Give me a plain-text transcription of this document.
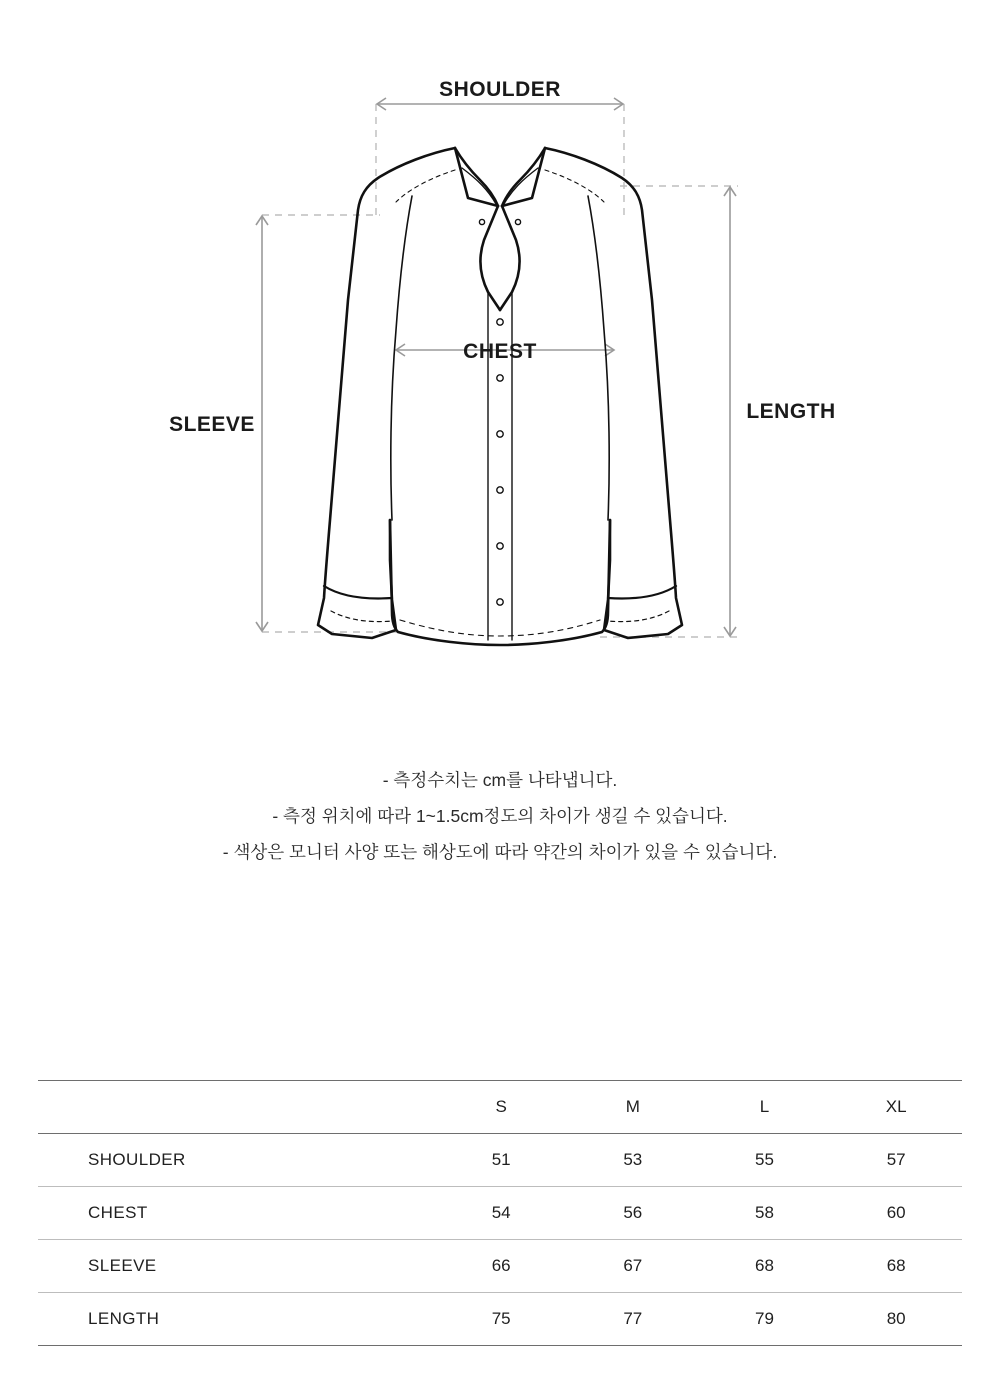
SHOULDER
CHEST
SLEEVE
LENGTH
- 측정수치는 cm를 나타냅니다.
- 측정 위치에 따라 1~1.5cm정도의 차이가 생길 수 있습니다.
- 색상은 모니터 사양 또는 해상도에 따라 약간의 차이가 있을 수 있습니다.
	S	M	L	XL
SHOULDER	51	53	55	57
CHEST	54	56	58	60
SLEEVE	66	67	68	68
LENGTH	75	77	79	80
